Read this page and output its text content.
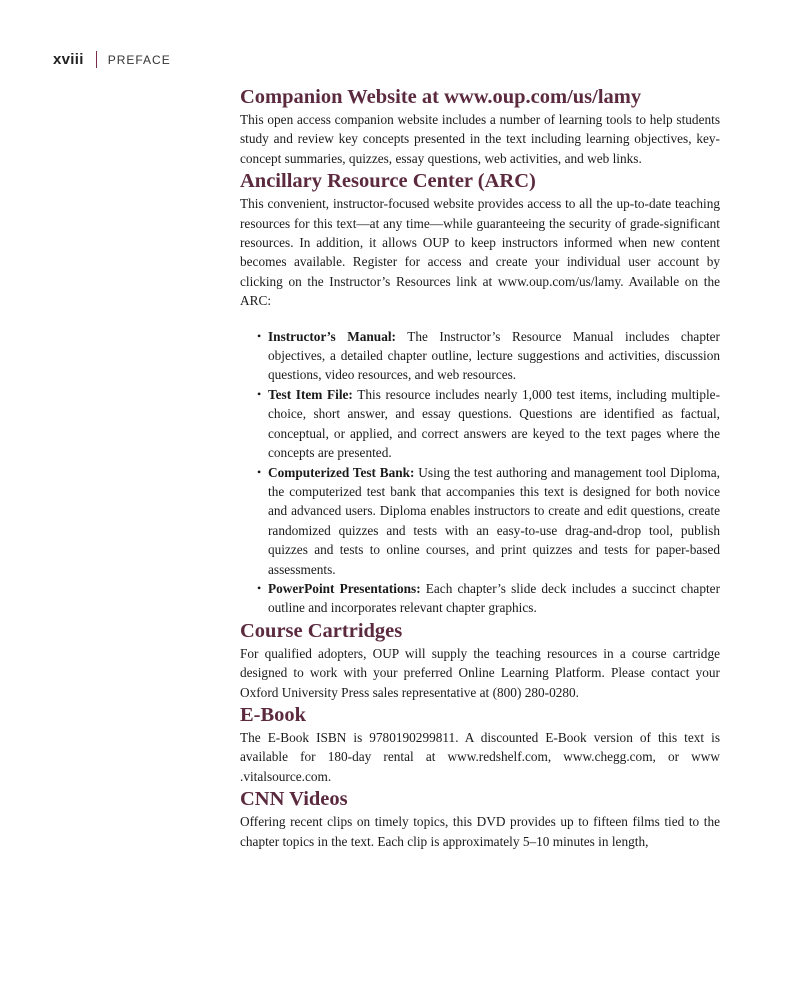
xviii PREFACE
Companion Website at www.oup.com/us/lamy

This open access companion website includes a number of learning tools to help students study and review key concepts presented in the text including learning objectives, key-concept summaries, quizzes, essay questions, web activities, and web links.

Ancillary Resource Center (ARC)

This convenient, instructor-focused website provides access to all the up-to-date teaching resources for this text—at any time—while guaranteeing the security of grade-significant resources. In addition, it allows OUP to keep instructors informed when new content becomes available. Register for access and create your individual user account by clicking on the Instructor’s Resources link at www.oup.com/us/lamy. Available on the ARC:

• Instructor’s Manual: The Instructor’s Resource Manual includes chapter objectives, a detailed chapter outline, lecture suggestions and activities, discussion questions, video resources, and web resources.
• Test Item File: This resource includes nearly 1,000 test items, including multiple-choice, short answer, and essay questions. Questions are identified as factual, conceptual, or applied, and correct answers are keyed to the text pages where the concepts are presented.
• Computerized Test Bank: Using the test authoring and management tool Diploma, the computerized test bank that accompanies this text is designed for both novice and advanced users. Diploma enables instructors to create and edit questions, create randomized quizzes and tests with an easy-to-use drag-and-drop tool, publish quizzes and tests to online courses, and print quizzes and tests for paper-based assessments.
• PowerPoint Presentations: Each chapter’s slide deck includes a succinct chapter outline and incorporates relevant chapter graphics.
Course Cartridges

For qualified adopters, OUP will supply the teaching resources in a course cartridge designed to work with your preferred Online Learning Platform. Please contact your Oxford University Press sales representative at (800) 280-0280.

E-Book

The E-Book ISBN is 9780190299811. A discounted E-Book version of this text is available for 180-day rental at www.redshelf.com, www.chegg.com, or www .vitalsource.com.

CNN Videos

Offering recent clips on timely topics, this DVD provides up to fifteen films tied to the chapter topics in the text. Each clip is approximately 5–10 minutes in length,
